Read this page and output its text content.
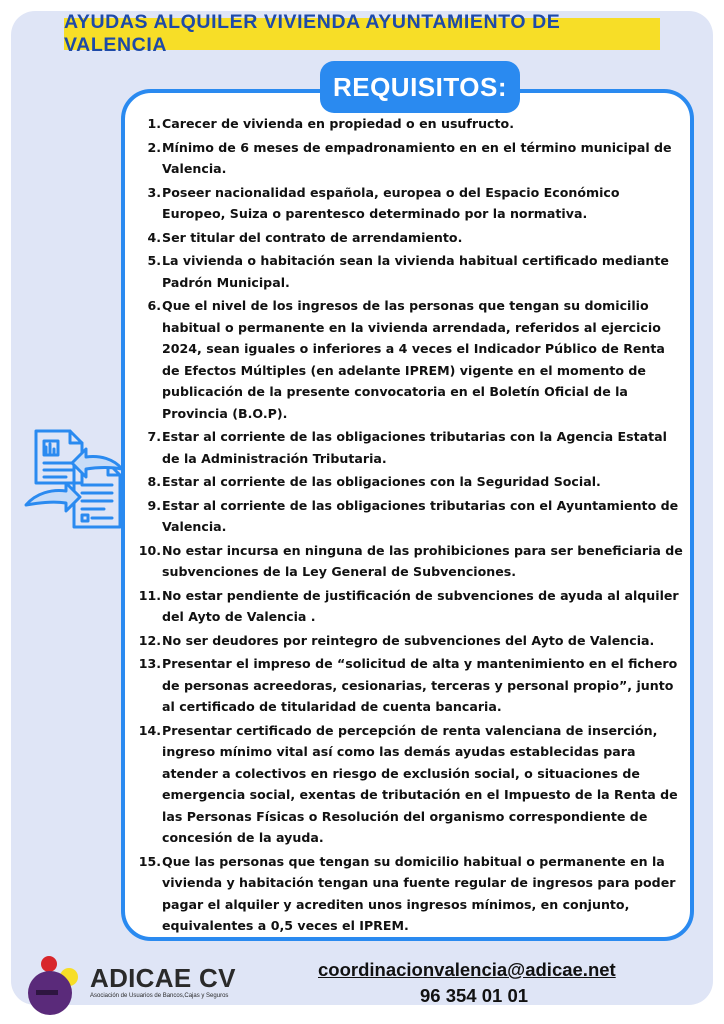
AYUDAS ALQUILER VIVIENDA AYUNTAMIENTO DE VALENCIA
REQUISITOS:
1. Carecer de vivienda en propiedad o en usufructo.
2. Mínimo de 6 meses de empadronamiento en en el término municipal de Valencia.
3. Poseer nacionalidad española, europea o del Espacio Económico Europeo, Suiza o parentesco determinado por la normativa.
4. Ser titular del contrato de arrendamiento.
5. La vivienda o habitación sean la vivienda habitual certificado mediante Padrón Municipal.
6. Que el nivel de los ingresos de las personas que tengan su domicilio habitual o permanente en la vivienda arrendada, referidos al ejercicio 2024, sean iguales o inferiores a 4 veces el Indicador Público de Renta de Efectos Múltiples (en adelante IPREM) vigente en el momento de publicación de la presente convocatoria en el Boletín Oficial de la Provincia (B.O.P).
7. Estar al corriente de las obligaciones tributarias con la Agencia Estatal de la Administración Tributaria.
8. Estar al corriente de las obligaciones con la Seguridad Social.
9. Estar al corriente de las obligaciones tributarias con el Ayuntamiento de Valencia.
10. No estar incursa en ninguna de las prohibiciones para ser beneficiaria de subvenciones de la Ley General de Subvenciones.
11. No estar pendiente de justificación de subvenciones de ayuda al alquiler del Ayto de Valencia .
12. No ser deudores por reintegro de subvenciones del Ayto de Valencia.
13. Presentar el impreso de “solicitud de alta y mantenimiento en el fichero de personas acreedoras, cesionarias, terceras y personal propio”, junto al certificado de titularidad de cuenta bancaria.
14. Presentar certificado de percepción de renta valenciana de inserción, ingreso mínimo vital así como las demás ayudas establecidas para atender a colectivos en riesgo de exclusión social, o situaciones de emergencia social, exentas de tributación en el Impuesto de la Renta de las Personas Físicas o Resolución del organismo correspondiente de concesión de la ayuda.
15. Que las personas que tengan su domicilio habitual o permanente en la vivienda y habitación tengan una fuente regular de ingresos para poder pagar el alquiler y acrediten unos ingresos mínimos, en conjunto, equivalentes a 0,5 veces el IPREM.
ADICAE CV
Asociación de Usuarios de Bancos,Cajas y Seguros
coordinacionvalencia@adicae.net
96 354 01 01
